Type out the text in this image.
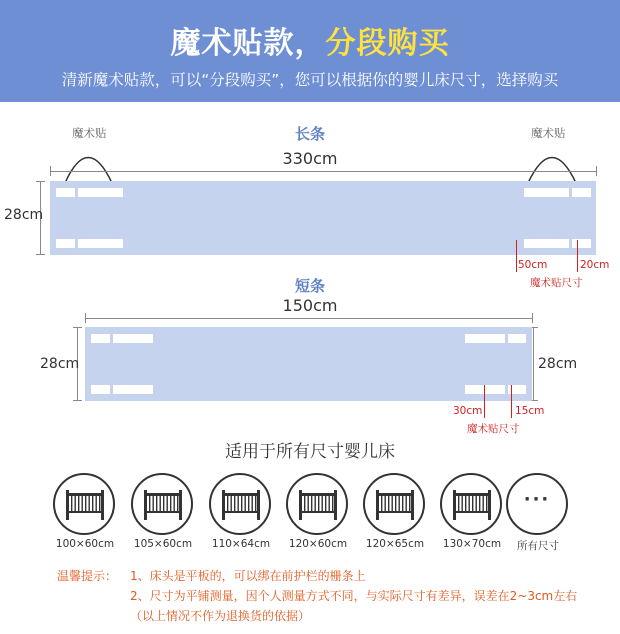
魔术贴款，分段购买
清新魔术贴款，可以“分段购买”，您可以根据你的婴儿床尺寸，选择购买
长条
魔术贴	魔术贴
330cm
28cm
50cm	20cm
魔术贴尺寸
短条
150cm
28cm	28cm
30cm	15cm
魔术贴尺寸
适用于所有尺寸婴儿床
100×60cm	105×60cm	110×64cm	120×60cm	120×65cm	130×70cm
···
所有尺寸
温馨提示： 1、床头是平板的，可以绑在前护栏的栅条上
2、尺寸为平铺测量，因个人测量方式不同，与实际尺寸有差异，误差在2~3cm左右
（以上情况不作为退换货的依据）
